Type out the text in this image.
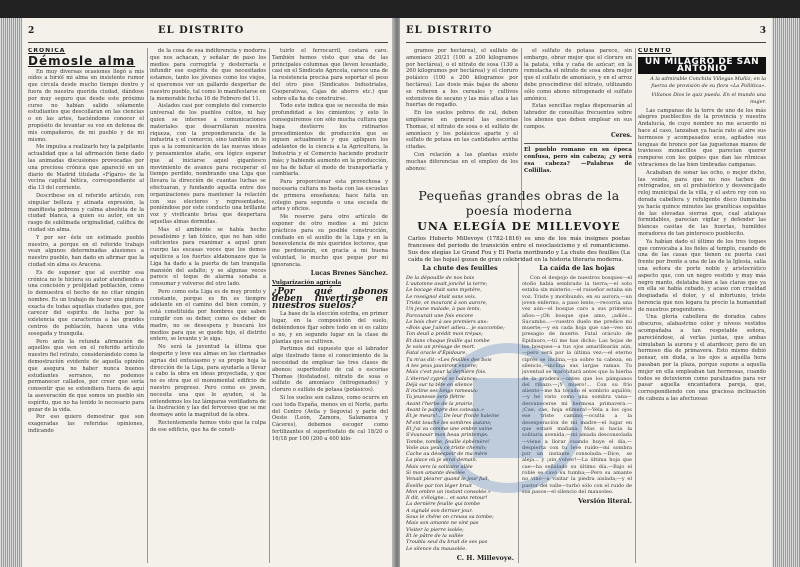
2	EL DISTRITO
CRÓNICA
Démosle alma

En muy diversas ocasiones llegó a mis oídos a hiriól mi alma un insistente rumor que circula desde mucho tiempo dentro y fuera de nuestra querida ciudad, dándose por muy seguro que desde este próximo curso no habían salido sólamente estudiantes que descollaran en las ciencias o en las artes, haciéndome conocer el propósito de levantar su voz en defensa de mis compañeros, de mi pueblo y de mi mismo.

Me impulsa a realizarlo hoy la palpitante actualidad que a tal afirmación tiene dado las animadas discusiones provocadas por una preciosa crónica que apareció en un diario de Madrid titulada «Fígaro» de la vecina capital bética, correspondiente al día 13 del corriente.

Describese en el referido artículo, con singular belleza y atinada expresión, la manifiesta pobreza y calma absoluta de la ciudad blanca, a quien su autor, en un rasgo de sublimada originalidad, califica de ciudad sin alma.

Y por ser éste un estimado pueblo nuestro, a porque en el referido trabajo vean algunos determinadas alusiones a nuestro pueblo, han dado en afirmar que la ciudad sin alma es Aracena.

Es de suponer que al escribir esa crónica no le hiciera su autor atendiendo a una concisión y prolijidad población, como lo demuestra el hecho de no citar ningún nombre. Es un trabajo de hacer una pintura exacta de todas aquellas ciudades que, por carecer del espíritu de lucha por la existencia que caracteriza a las grandes centros de población, hacen una vida sosegada y tranquila.

Pero ante la retunda afirmación de aquellos que ven en el referido artículo nuestro fiel retrato, considerándolo como la demostración evidente de aquella opinión que asegura no haber nunca buenos estudiantes serranos, no podemos permanecer callados, por creer que sería consentir que se extendiera fuera de aquí la aseveración de que somos un pueblo sin espíritu, que no ha tenido lo necesario para gozar de la vida.

Por eso quiero demostrar que son exageradas las referidas opiniones, indicando

de la cosa de esa indiferencia y modorra que nos achacan, y señalar de paso los medios para corregirla y desterrarla e infundir ese espíritu de que necesitados estamos, tanto los jóvenes como los viejos, si queremos ver un gallardo despertar de nuestro pueblo, tal como lo manifestarse en la memorable fecha 16 de Febrero del 11.

Aislados casi por completo del comercio universal de los pueblos cultos, ni hay quien se interese a comunicaciones materiales que desarrollaran nuestra riqueza, con la preponderancia de la industria y el comercio, sino también en lo que a la comunicación de las nuevas ideas y pensamientos atañe, era lógico esperar que al iniciarse aquel gigantesco movimiento de avance para recuperar el tiempo perdido, nombrando una Liga que llevara la dirección de cuantas luchas se efectuaran, y fundando aquella entre dos organizaciones para mantener la relación con sus electores y representados, poniéndose por este conducto una brillante voz y vivificante brisa que despertara aquellas almas dormidas.

Mas el ambiente se había hecho pesadísimo y tan tóxico, que no han sido suficientes para reanimar a aquel gran cuerpo las escasas voces que los demos aquilicos a los fuertes aldabonazos que la Liga ha dado a la puerta de tan tranquila mansión del asfalto; y se algunas veces parece el toque de alarma sonaba a consumar y volverse del otro lado.

Pero como esta Liga es de muy pronto y constante, porque es fin es tiempre adelante en el camino del bien común, y está constituida por hombres que saben cumplir con su deber, como es deber de madre, no se desespera y buscará los medios para que se quede hijo, el distrito entero, se levante y le siga.

No será la juventud la última que desperte y leve sus almas en las clarinadas agrías del entusiasmo y su propio hoja la dirección de la Liga, para ayudarla a llevar a cabo la obra en ideas proyectada, y que no es otra que el monumental edificio de nuestro progreso. Pero como es joven, necesita una que le ayuden, si la entendemos los luz lámparas ventiladora de la ilustración y las del fervoroso que se me desmaye ante la magnitud de la obra.

Recientemente hemos visto que la culpa de ese edificio, que ha de consti-

tuirlo el ferrocarril, costará caro. También hemos visto que una de las principales columnas que lleven levantado, casi en el Sindicato Agrícola, carece una de la resistencia precisa para soportar el peso del otro piso (Sindicatos Industriales, Cooperativas, Cajas de ahorro etc.) que sobre ella ha de construirse.

Todo esto indica que se necesita de más profundidad a los cimientos; y esto lo conseguiremos con sólo mucha cultura que haga destierre los rutinarios procedimientos de producción que se siguen actualmente y que apliquen los adelantos de la ciencia a la Agricultura, la Industria y el Comercio haciendo producir más; y habiendo aumento en la producción, no ha de faltar el modo de transportarla y cambiarla.

Para proporcionar esta provechosa y necesaria cultura no basta con las escuelas de primera enseñanza; hace falta un colegio para segunda o una escuela de artes y oficios.

Me reserve para otro artículo de exponer de otro medios a mi juicio prácticos para su posible construcción, confiado en el auxilio de la Liga y en la benevolencia de mis queridos lectores, que me perdonarán, en gracia a mi buena voluntad, lo mucho que peque por mi ignorancia.

Lucas Brenes Sánchez.
Vulgarización agrícola
¿Por qué abonos deben invertirse en nuestros suelos?

La base de la elección estriba, en primer lugar, en la composición del suelo, debiéndonos fijar sobre todo en si es calizo o no, y en segundo lugar en la clase de plantas que se cultiven.

Partimos del supuesto que el labrador algo ilustrado tiene el conocimiento de la necesidad de emplear las tres clases de abonos: superfosfato de cal o escorias Thomas (fosfatados), nitrato de sosa o sulfato de amoníaco (nitrogenados) y cloruro o sulfato de potasa (potásicos).

Si los suelos son calizos, como ocurre en casi toda España, menos en el Norte, parte del Centro (Ávila y Segovia) y parte del Oeste (León, Zamora, Salamanca y Cáceres), debemos escoger como fertilizantes el superfosfato de cal 18/20 o 16/18 por 100 (200 a 400 kilo-

EL DISTRITO	3

gramos por hectárea), el sulfato de amoníaco 20/21 (100 a 200 kilogramos por hectárea), o el nitrato de sosa (130 a 260 kilogramos por hectárea) y el cloruro potásico (100 a 200 kilogramos por hectárea). Las dosis más bajas de abono se refieren a los cereales y cultivos extensivos de secano y las más altas a las huertas de regadío.

En los suelos pobres de cal, deben emplearse en general las escorias Thomas, el nitrato de sosa o el sulfato de amoníaco y los potásicos aparte y el sulfato de potasa en las cantidades arriba citadas.

Con relación a las plantas existe muchas diferencias en el empleo de los abonos:

el sulfato de potasa parece, sin embargo, obrar mejor que el cloruro en la patata, viña y caña de azúcar; en la remolacha el nitrato de sosa obra mejor que el sulfato de amoníaco, y en el arroz debe prescindirse del nitrato, utilizando sólo como abono nitrogenado el sulfato amónico.

Estas sencillas reglas dispensarán al labrador de consultas frecuentes sobre los abonos que deben emplear en sus campos.

Ceres.
El pueblo romano en su época confusa, pero sin cabeza; ¿y será esa cabeza? —Palabras de Collillas.
CUENTO
UN MILAGRO DE SAN ANTONIO
A la admirable Conchita Villegas Muñiz, en la fuerza de provisión de su flora «La Pollitica».
Villanos Dios le quiz pueda. En el mundo una mujer.

Las campanas de la torre de uno de los más alegres pueblecitos de la provincia y nuestra Andalucía, de cuyo nombre no me acuerdo ni hace al caso, lanzaban ya hacía rato al aire sus hermosos y acompasados ecos, agitados sus lenguas de bronce por las juguetonas manos de traviesos monacillos que parecían querer romperse con los golpes que dan las rítmicas vibraciones de las bien timbradas campanas.

Acababan de sonar las ocho, o mejor dicho, las veinte, para que no nos tachen de retrógrados, en el prehistórico y desvencijado reloj municipal de la villa, y el astro rey con su dorada cabellera y refulgente disco iluminaba ya hacía quince minutos las graníticas espaldas de las elevadas sierras que, cual atalayas formidables, parecían vigilar y defender las blancas casitas de las huertas, humildes moradores de tan pintoresco pueblecito.

Ya habían dado el último de los tres toques que convocaba a los fieles al templo, cuando de una de las casas que tienen su puerta casi frente por frente a una de las de la Iglesia, salía una señora de porte noble y aristocrático aspecto que, con un negro vestido y muy más negro manto, delataba bien a las claras que ya en ella se había cebado, y acaso con crueldad despiadada el dolor, y el infortunio, triste herencia que nos legara tu precio la humanidad de nuestros progenitores.

Una gloria cabellera de dorados cabos obscuros, alabastrino color y níveos vestidos acompañaba a tan respetable señora, pareciéndose, al verlas juntas, que ambas simulaban la aurora y el atardecer, pero de un hermoso día de primavera. Esto mismo debió pensar, sin duda, a los ojos a aquélla hora pasaban por la plaza, porque supone a aquella mujer en ella empleaban tan hermosas, cuando todos se detuvieron como paralizados para ver pasar aquella encantadora pareja, que, correspondiendo con una graciosa inclinación de cabeza a las afectuosas

Pequeñas grandes obras de la poesía moderna
UNA ELEGÍA DE MILLEVOYE
Carlos Huberto Millevoye (1782-1816) es uno de los más insignes poetas franceses del periodo de transición entre el neoclasicismo y el romanticismo. Sus dos elegías Le Grand Fou y El Poeta moribundo y La chute des feuilles (La caída de las hojas) gozan de gran celebridad en la historia literaria moderna.
La chute des feuilles
De la dépouille de nos bois
L'automne avait jonché la terre;
Le bocage était sans mystère,
Le rossignol était sans voix.
Triste, et mourant à son aurore,
Un jeune malade, à pas lents,
Parcourait une fois encore
Le bois cher à ses premiers ans:
«Bois que j'aime! adieu... je succombe;
Ton deuil a prédit mon trépas;
Et dans chaque feuille qui tombe
Je vois un présage de mort.
Fatal oracle d'Épidaure,
Tu m'as dit: «Les feuilles des bois
A tes yeux jauniront encore;
Mais c'est pour la dernière fois.
L'éternel cyprès se balance;
Déjà sur ta tête en silence
Il incline ses longs rameaux:
Ta jeunesse sera flétrie
Avant l'herbe de la prairie,
Avant le pampre des coteaux.»
Et je meurs!... De leur froide haleine
M'ont touché les sombres autans;
Et j'ai vu comme une ombre vaine
S'évanouir mon beau printemps.
Tombe, tombe, feuille éphémère!
Voile aux yeux ce triste chemin;
Cache au désespoir de ma mère
La place où je serai demain.
Mais vers la solitaire allée
Si mon amante désolée
Venait pleurer quand le jour fuit,
Éveille par ton léger bruit
Mon ombre un instant consolée.»
Il dit, s'éloigne... et sans retour!
La dernière feuille qui tombe
A signalé son dernier jour.
Sous le chêne on creusa sa tombe;
Mais son amante ne vint pas
Visiter la pierre isolée;
Et le pâtre de la vallée
Troubla seul du bruit de ses pas
Le silence du mausolée.
C. H. Millevoye.
La caída de las hojas

Con el despojo de nuestros bosques—el otoño había sembrado la tierra;—el soto estaba sin misterio,—el ruiseñor estaba sin voz. Triste y moribundo, en su aurora,—un joven enfermo, a paso lento,—recorría una vez aún—el bosque caro a sus primeros años:—¡Oh bosque que amo, ¡adiós... Sucumbo...—vuestro duelo me predice mi muerte;—y en cada hoja que cae—veo un presagio de muerte. Fatal oráculo de Epidauro,—tú me has dicho: Las hojas de los bosques—a tus ojos amarillearán aún,—pero será por la última vez:—el eterno ciprés se inclina,—ya sobre tu cabeza, en silencio,—inclina sus largas ramas. Tu juventud se marchitará antes que la hierba de la pradera,—antes que los pámpanos del ribazo.—¡Y muero!... Con su frío aliento—me ha tocado el sombrío aquilón;—y he visto como una sombra vana—desvanecerse mi hermosa primavera.—¡Cae, cae, hoja efímera!—Vela a los ojos ese triste camino;—oculta a la desesperación de mi madre—el lugar en que estaré mañana. Mas si hacia la solitaria avenida,—mi amada desconsolada—viene a llorar cuando huye el día,—despierta con tu leve ruido—mi sombra por un instante consolada.—Dice, se aleja... y ¡sin volver!—La última hoja que cae—ha señalado su último día.—Bajo el roble se cavó su tumba;—Pero su amante no vino—a visitar la piedra aislada;—y el pastor del valle—turbó sólo con el ruido de sus pasos—el silencio del mausoleo.

Versión literal.
